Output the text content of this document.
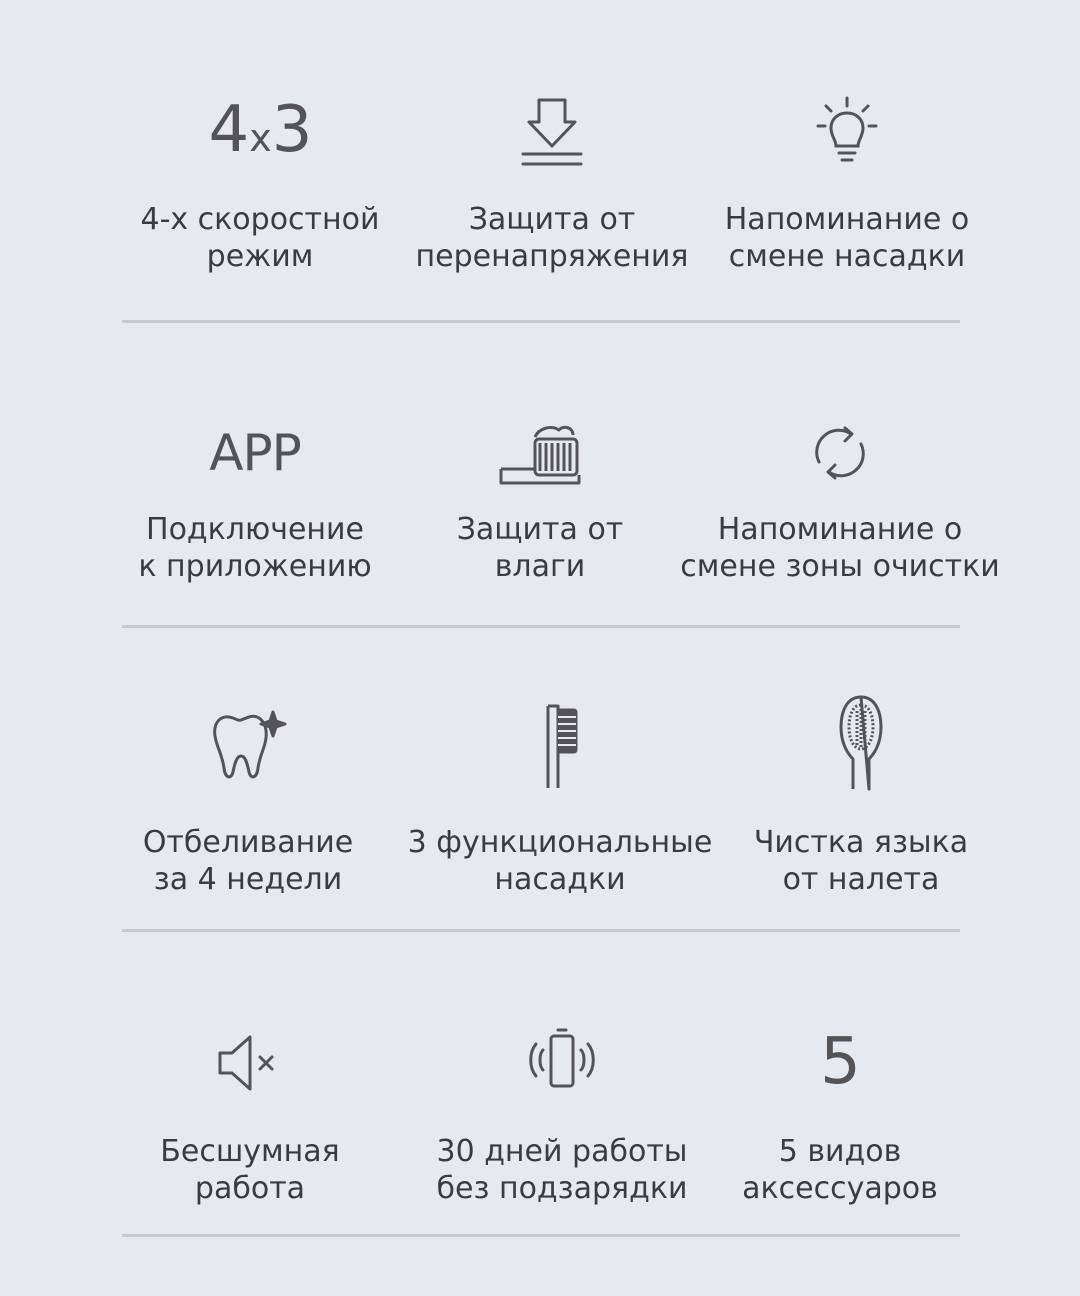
4x3
4-х скоростной
режим
Защита от
перенапряжения
Напоминание о
смене насадки
APP
Подключение
к приложению
Защита от
влаги
Напоминание о
смене зоны очистки
Отбеливание
за 4 недели
3 функциональные
насадки
Чистка языка
от налета
Бесшумная
работа
30 дней работы
без подзарядки
5
5 видов
аксессуаров
